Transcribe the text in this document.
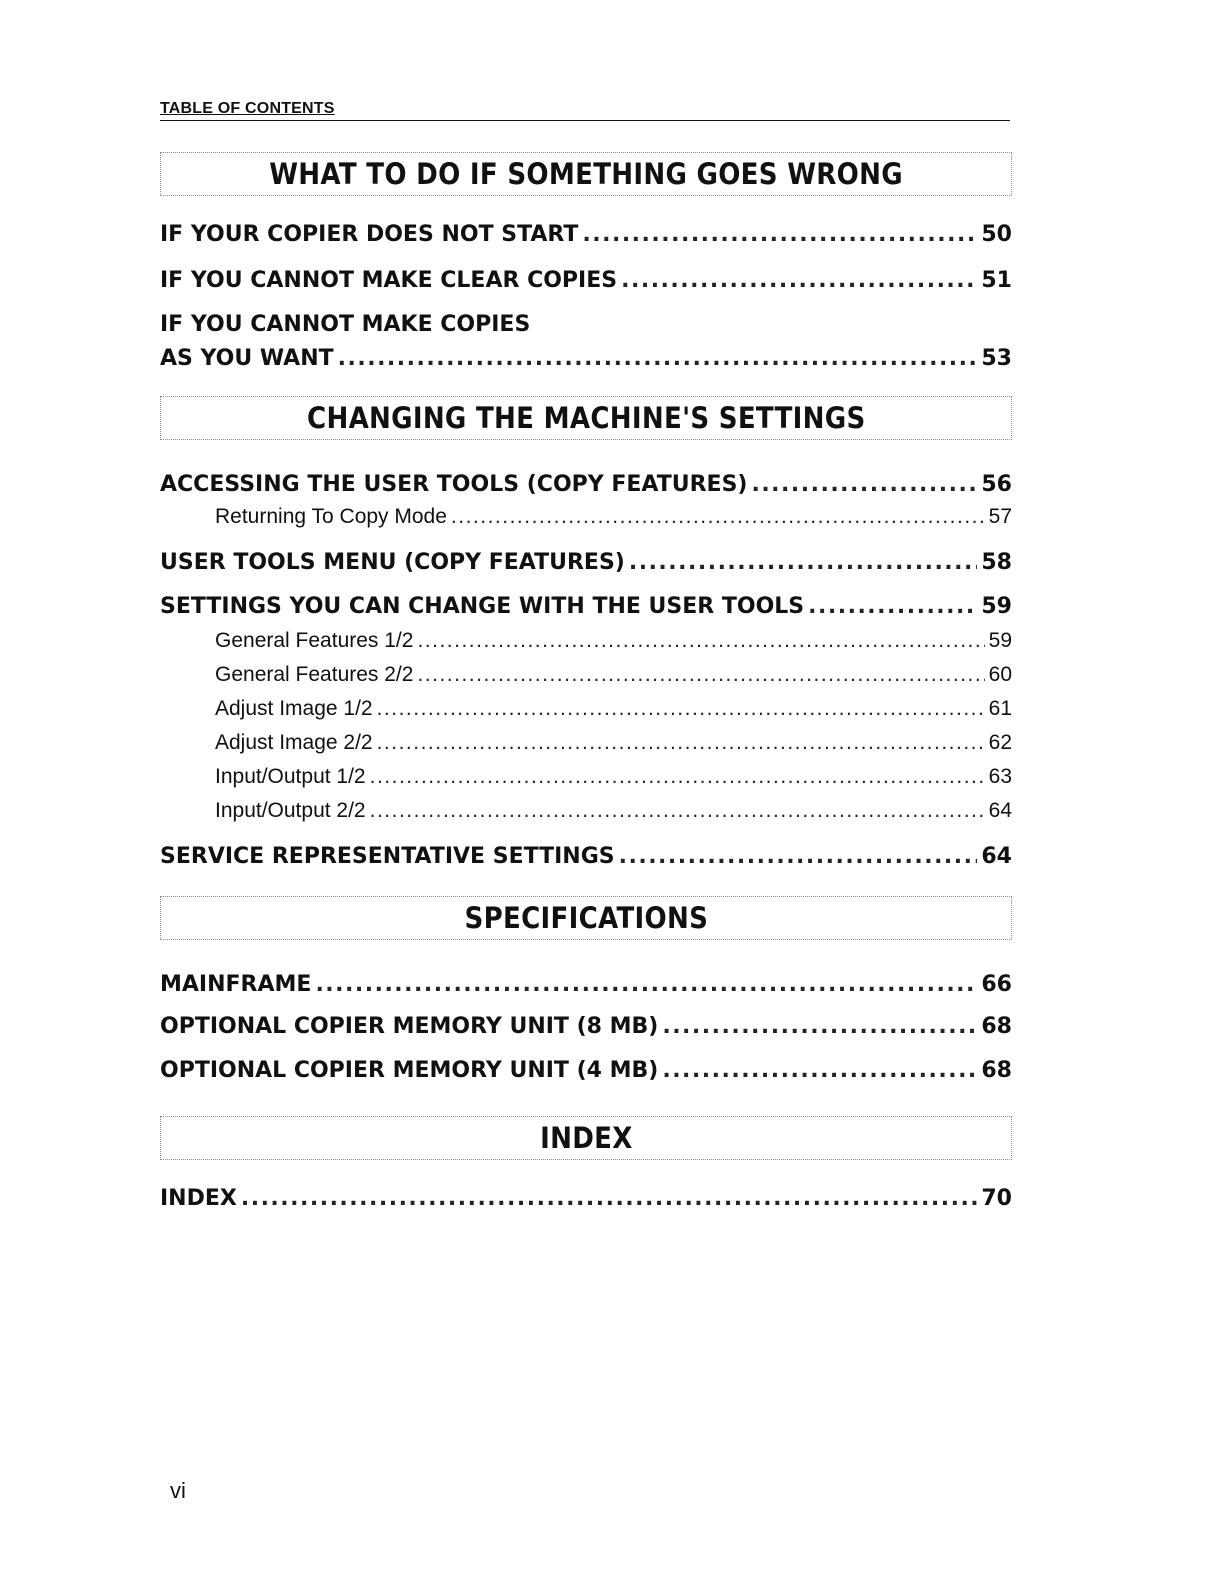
TABLE OF CONTENTS
WHAT TO DO IF SOMETHING GOES WRONG
IF YOUR COPIER DOES NOT START .....	50
IF YOU CANNOT MAKE CLEAR COPIES .....	51
IF YOU CANNOT MAKE COPIES
AS YOU WANT .....	53
CHANGING THE MACHINE'S SETTINGS
ACCESSING THE USER TOOLS (COPY FEATURES) .....	56
Returning To Copy Mode .....	57
USER TOOLS MENU (COPY FEATURES) .....	58
SETTINGS YOU CAN CHANGE WITH THE USER TOOLS .....	59
General Features 1/2 .....	59
General Features 2/2 .....	60
Adjust Image 1/2 .....	61
Adjust Image 2/2 .....	62
Input/Output 1/2 .....	63
Input/Output 2/2 .....	64
SERVICE REPRESENTATIVE SETTINGS .....	64
SPECIFICATIONS
MAINFRAME .....	66
OPTIONAL COPIER MEMORY UNIT (8 MB) .....	68
OPTIONAL COPIER MEMORY UNIT (4 MB) .....	68
INDEX
INDEX .....	70
vi
